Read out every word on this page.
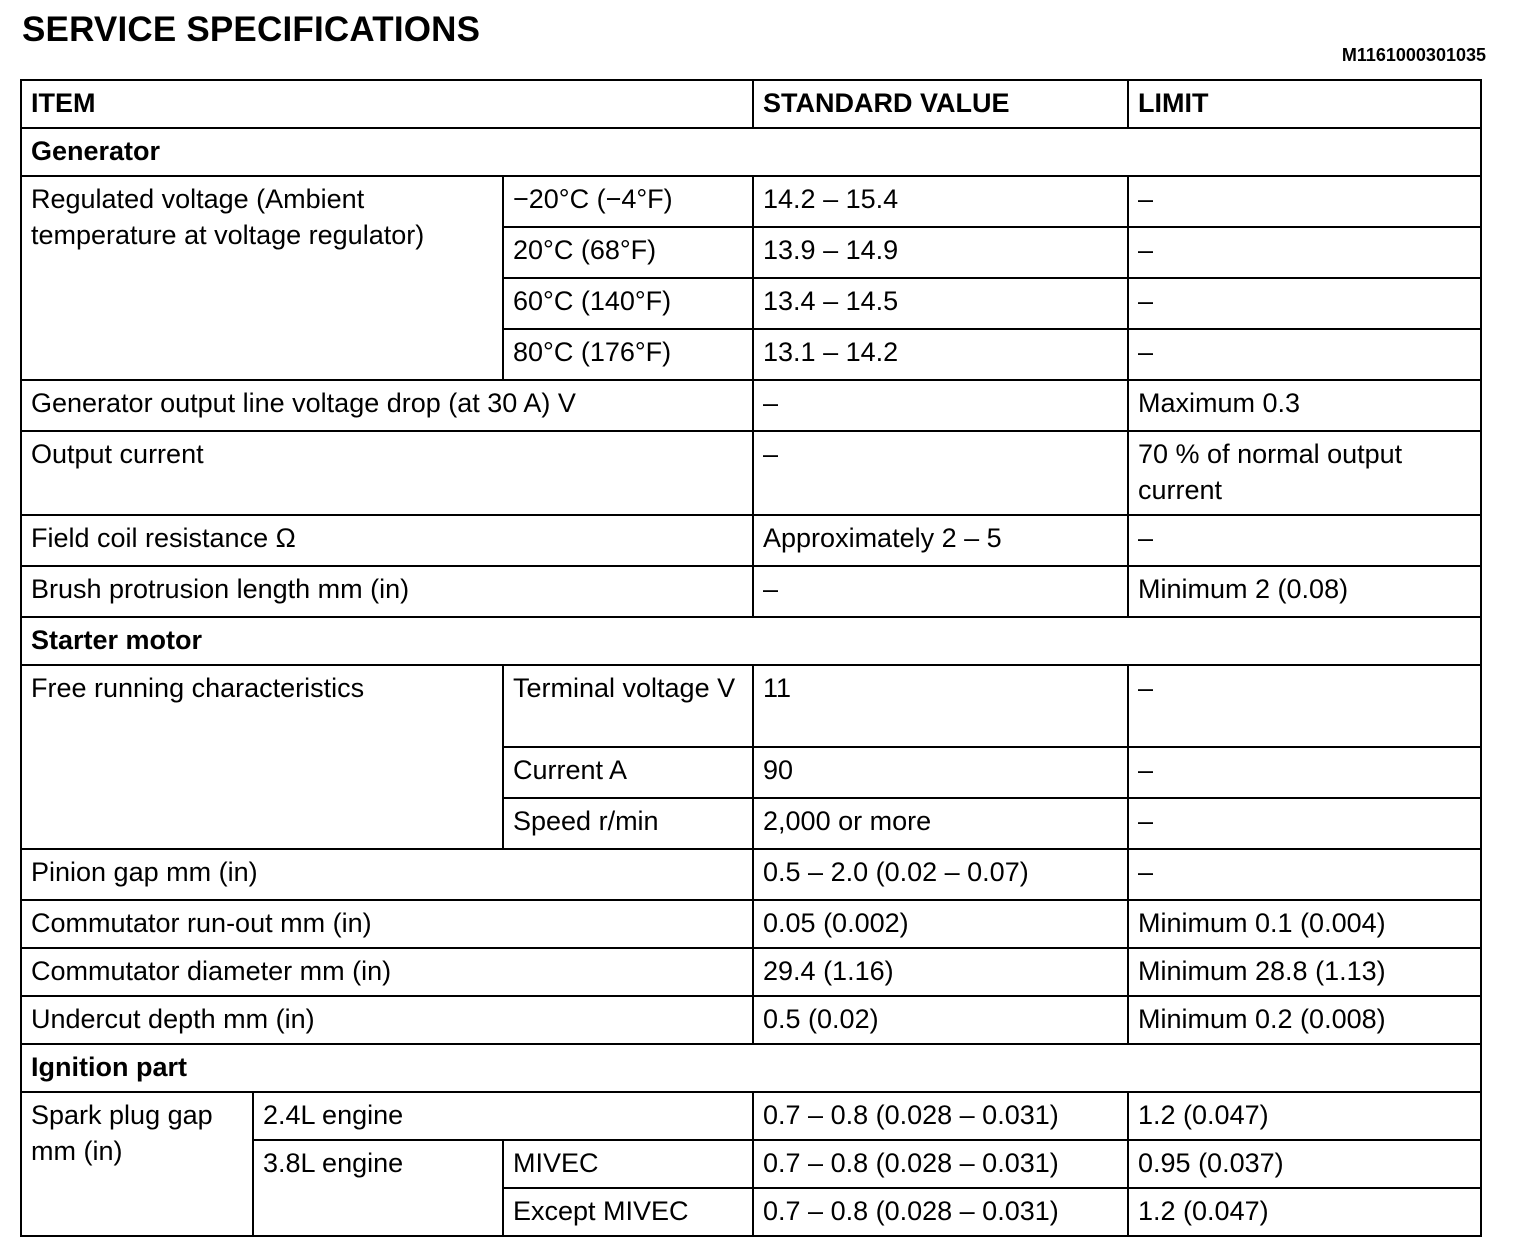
SERVICE SPECIFICATIONS
M1161000301035
ITEM			STANDARD VALUE	LIMIT
Generator				
Regulated voltage (Ambient temperature at voltage regulator)		−20°C (−4°F)	14.2 – 15.4	–
		20°C (68°F)	13.9 – 14.9	–
		60°C (140°F)	13.4 – 14.5	–
		80°C (176°F)	13.1 – 14.2	–
Generator output line voltage drop (at 30 A) V			–	Maximum 0.3
Output current			–	70 % of normal output current
Field coil resistance Ω			Approximately 2 – 5	–
Brush protrusion length mm (in)			–	Minimum 2 (0.08)
Starter motor				
Free running characteristics		Terminal voltage V	11	–
		Current A	90	–
		Speed r/min	2,000 or more	–
Pinion gap mm (in)			0.5 – 2.0 (0.02 – 0.07)	–
Commutator run-out mm (in)			0.05 (0.002)	Minimum 0.1 (0.004)
Commutator diameter mm (in)			29.4 (1.16)	Minimum 28.8 (1.13)
Undercut depth mm (in)			0.5 (0.02)	Minimum 0.2 (0.008)
Ignition part				
Spark plug gap mm (in)	2.4L engine		0.7 – 0.8 (0.028 – 0.031)	1.2 (0.047)
	3.8L engine	MIVEC	0.7 – 0.8 (0.028 – 0.031)	0.95 (0.037)
		Except MIVEC	0.7 – 0.8 (0.028 – 0.031)	1.2 (0.047)
